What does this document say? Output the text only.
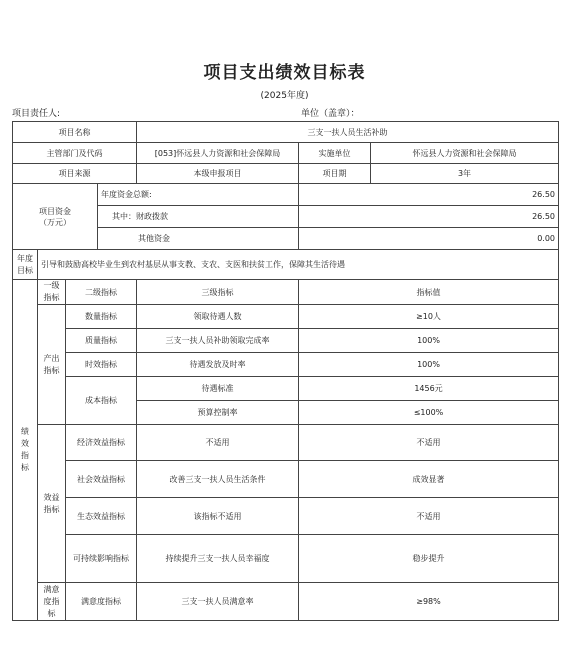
项目支出绩效目标表
(2025年度)
项目责任人:	单位（盖章）：
项目名称				三支一扶人员生活补助		
主管部门及代码				[053]怀远县人力资源和社会保障局	实施单位	怀远县人力资源和社会保障局
项目来源				本级申报项目	项目期	3年
项目资金
（万元）			年度资金总额:		26.50	
			其中：财政拨款		26.50	
			其他资金		0.00	
年度目标	引导和鼓励高校毕业生到农村基层从事支教、支农、支医和扶贫工作，保障其生活待遇					
绩效指标	一级指标	二级指标		三级指标	指标值	
	产出指标	数量指标		领取待遇人数	≥10人	
		质量指标		三支一扶人员补助领取完成率	100%	
		时效指标		待遇发放及时率	100%	
		成本指标		待遇标准	1456元	
				预算控制率	≤100%	
	效益指标	经济效益指标		不适用	不适用	
		社会效益指标		改善三支一扶人员生活条件	成效显著	
		生态效益指标		该指标不适用	不适用	
		可持续影响指标		持续提升三支一扶人员幸福度	稳步提升	
	满意度指标	满意度指标		三支一扶人员满意率	≥98%	
